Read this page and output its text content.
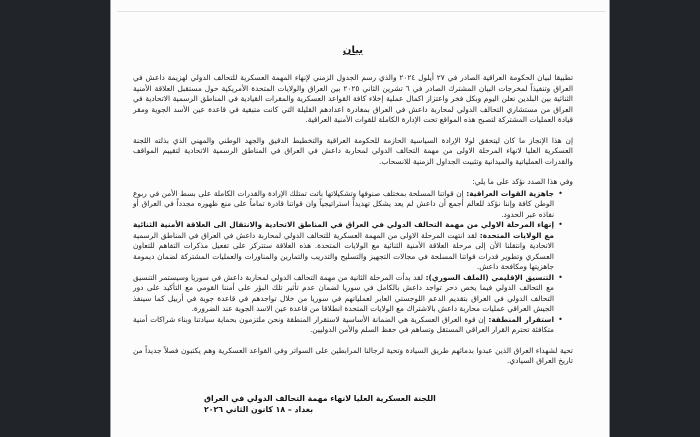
بيان

تطبيقا لبيان الحكومة العراقية الصادر في ٢٧ أيلول ٢٠٢٤ والذي رسم الجدول الزمني لإنهاء المهمة العسكرية للتحالف الدولي لهزيمة داعش في العراق وتنفيذاً لمخرجات البيان المشترك الصادر في ٦ تشرين الثاني ٢٠٢٥ بين العراق والولايات المتحدة الأمريكية حول مستقبل العلاقة الأمنية الثنائية بين البلدين نعلن اليوم وبكل فخر واعتزاز اكمال عملية إخلاء كافة القواعد العسكرية والمقرات القيادية في المناطق الرسمية الاتحادية في العراق من مستشاري التحالف الدولي لمحاربة داعش في العراق بمغادرة اعدادهم القليلة التي كانت متبقية في قاعدة عين الأسد الجوية ومقر قيادة العمليات المشتركة لتصبح هذه المواقع تحت الإدارة الكاملة للقوات الأمنية العراقية.

إن هذا الإنجاز ما كان ليتحقق لولا الإرادة السياسية الحازمة للحكومة العراقية والتخطيط الدقيق والجهد الوطني والمهني الذي بذلته اللجنة العسكرية العليا لانهاء المرحلة الاولى من مهمة التحالف الدولي لمحاربة داعش في العراق في المناطق الرسمية الاتحادية لتقييم المواقف والقدرات العملياتية والميدانية وتثبيت الجداول الزمنية للانسحاب.

وفي هذا الصدد نؤكد على ما يلي:

•
جاهزية القوات العراقية: إن قواتنا المسلحة بمختلف صنوفها وتشكيلاتها باتت تمتلك الإرادة والقدرات الكاملة على بسط الأمن في ربوع الوطن كافة وإننا نؤكد للعالم أجمع أن داعش لم يعد يشكل تهديداً استراتيجياً وان قواتنا قادرة تماماً على منع ظهوره مجدداً في العراق أو نفاذه عبر الحدود.
•
إنهاء المرحلة الاولي من مهمة التحالف الدولي في العراق في المناطق الاتحادية والانتقال الى العلاقة الأمنية الثنائية مع الولايات المتحدة: لقد انتهت المرحلة الاولى من المهمة العسكرية للتحالف الدولي لمحاربة داعش في العراق في المناطق الرسمية الاتحادية وانتقلنا الأن إلى مرحلة العلاقة الأمنية الثنائية مع الولايات المتحدة. هذه العلاقة ستتركز على تفعيل مذكرات التفاهم للتعاون العسكري وتطوير قدرات قواتنا المسلحة في مجالات التجهيز والتسليح والتدريب والتمارين والمناورات والعمليات المشتركة لضمان ديمومة جاهزيتها ومكافحة داعش.
•
التنسيق الإقليمي (الملف السوري): لقد بدأت المرحلة الثانية من مهمة التحالف الدولي لمحاربة داعش في سوريا وسيستمر التنسيق مع التحالف الدولي فيما يخص دحر تواجد داعش بالكامل في سوريا لضمان عدم تأثير تلك البؤر على أمننا القومي مع التأكيد على دور التحالف الدولي في العراق بتقديم الدعم اللوجستي العابر لعملياتهم في سوريا من خلال تواجدهم في قاعدة جوية في أربيل كما سينفذ الجيش العراقي عمليات محاربة داعش بالاشتراك مع الولايات المتحدة انطلاقا من قاعدة عين الاسد الجوية عند الضرورة.
•
استقرار المنطقة: إن قوة العراق العسكرية هي الضمانة الأساسية لاستقرار المنطقة ونحن ملتزمون بحماية سيادتنا وبناء شراكات أمنية متكافئة تحترم القرار العراقي المستقل وتساهم في حفظ السلم والأمن الدوليين.

تحية لشهداء العراق الذين عبدوا بدمائهم طريق السيادة وتحية لرجالنا المرابطين على السواتر وفي القواعد العسكرية وهم يكتبون فصلاً جديداً من تاريخ العراق السيادي.

اللجنة العسكرية العليا لانهاء مهمة التحالف الدولي في العراق
بغداد – ١٨ كانون الثاني ٢٠٢٦
